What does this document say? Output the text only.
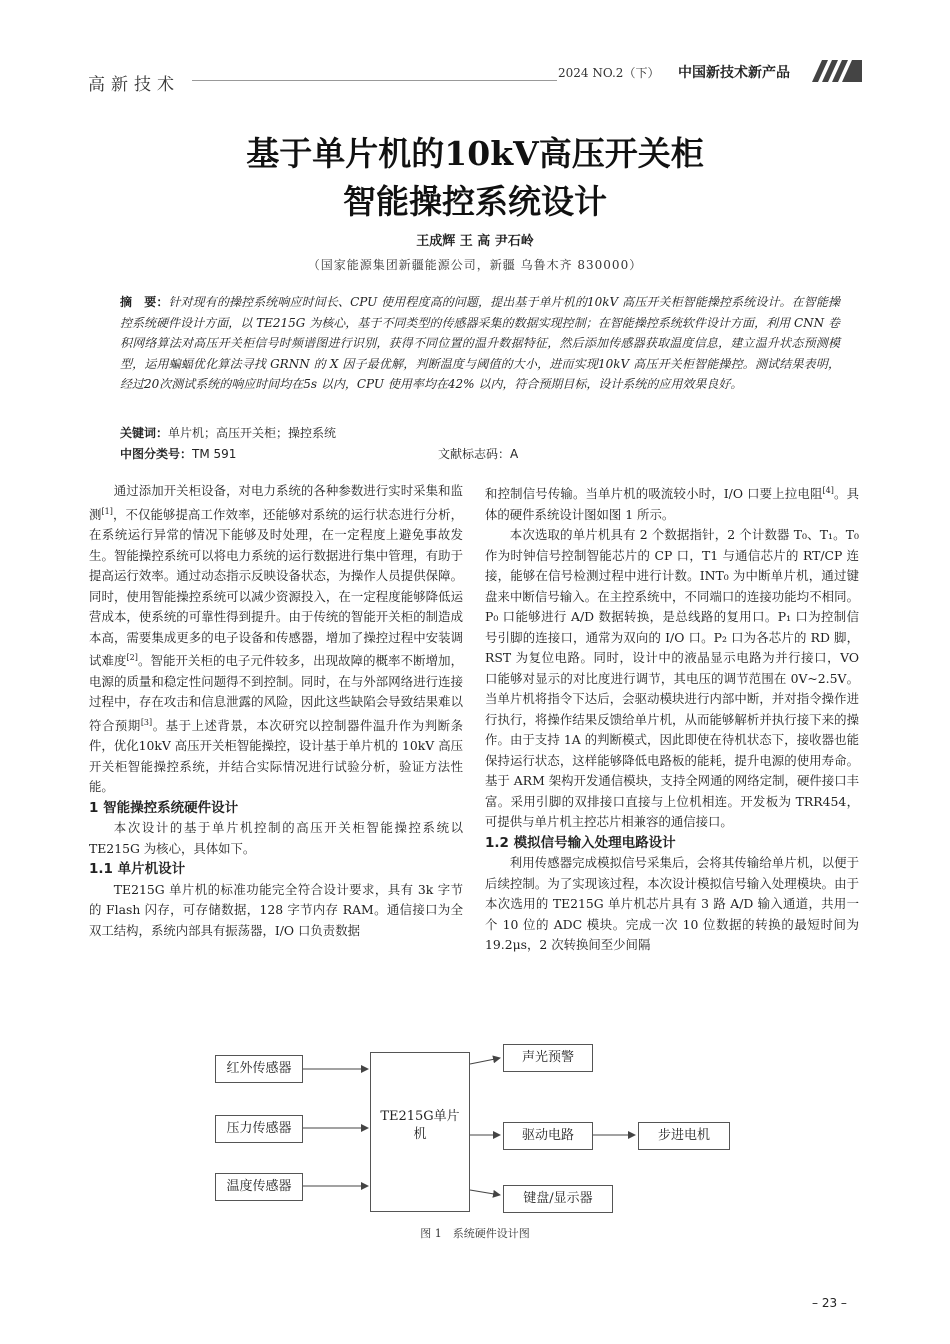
高新技术
2024 NO.2（下） 中国新技术新产品
基于单片机的10kV高压开关柜
智能操控系统设计
王成辉 王 高 尹石岭
（国家能源集团新疆能源公司，新疆 乌鲁木齐 830000）
摘　要：针对现有的操控系统响应时间长、CPU 使用程度高的问题，提出基于单片机的10kV 高压开关柜智能操控系统设计。在智能操控系统硬件设计方面，以 TE215G 为核心，基于不同类型的传感器采集的数据实现控制；在智能操控系统软件设计方面，利用 CNN 卷积网络算法对高压开关柜信号时频谱图进行识别，获得不同位置的温升数据特征，然后添加传感器获取温度信息，建立温升状态预测模型，运用蝙蝠优化算法寻找 GRNN 的 X 因子最优解，判断温度与阈值的大小，进而实现10kV 高压开关柜智能操控。测试结果表明，经过20次测试系统的响应时间均在5s 以内，CPU 使用率均在42% 以内，符合预期目标，设计系统的应用效果良好。
关键词：单片机；高压开关柜；操控系统
中图分类号：TM 591	文献标志码：A

通过添加开关柜设备，对电力系统的各种参数进行实时采集和监测[1]，不仅能够提高工作效率，还能够对系统的运行状态进行分析，在系统运行异常的情况下能够及时处理，在一定程度上避免事故发生。智能操控系统可以将电力系统的运行数据进行集中管理，有助于提高运行效率。通过动态指示反映设备状态，为操作人员提供保障。同时，使用智能操控系统可以减少资源投入，在一定程度能够降低运营成本，使系统的可靠性得到提升。由于传统的智能开关柜的制造成本高，需要集成更多的电子设备和传感器，增加了操控过程中安装调试难度[2]。智能开关柜的电子元件较多，出现故障的概率不断增加，电源的质量和稳定性问题得不到控制。同时，在与外部网络进行连接过程中，存在攻击和信息泄露的风险，因此这些缺陷会导致结果难以符合预期[3]。基于上述背景，本次研究以控制器件温升作为判断条件，优化10kV 高压开关柜智能操控，设计基于单片机的 10kV 高压开关柜智能操控系统，并结合实际情况进行试验分析，验证方法性能。

1 智能操控系统硬件设计

本次设计的基于单片机控制的高压开关柜智能操控系统以 TE215G 为核心，具体如下。

1.1 单片机设计

TE215G 单片机的标准功能完全符合设计要求，具有 3k 字节的 Flash 闪存，可存储数据，128 字节内存 RAM。通信接口为全双工结构，系统内部具有振荡器，I/O 口负责数据

和控制信号传输。当单片机的吸流较小时，I/O 口要上拉电阻[4]。具体的硬件系统设计图如图 1 所示。

本次选取的单片机具有 2 个数据指针，2 个计数器 T₀、T₁。T₀ 作为时钟信号控制智能芯片的 CP 口，T1 与通信芯片的 RT/CP 连接，能够在信号检测过程中进行计数。INT₀ 为中断单片机，通过键盘来中断信号输入。在主控系统中，不同端口的连接功能均不相同。P₀ 口能够进行 A/D 数据转换，是总线路的复用口。P₁ 口为控制信号引脚的连接口，通常为双向的 I/O 口。P₂ 口为各芯片的 RD 脚，RST 为复位电路。同时，设计中的液晶显示电路为并行接口，VO 口能够对显示的对比度进行调节，其电压的调节范围在 0V~2.5V。当单片机将指令下达后，会驱动模块进行内部中断，并对指令操作进行执行，将操作结果反馈给单片机，从而能够解析并执行接下来的操作。由于支持 1A 的判断模式，因此即使在待机状态下，接收器也能保持运行状态，这样能够降低电路板的能耗，提升电源的使用寿命。基于 ARM 架构开发通信模块，支持全网通的网络定制，硬件接口丰富。采用引脚的双排接口直接与上位机相连。开发板为 TRR454，可提供与单片机主控芯片相兼容的通信接口。

1.2 模拟信号输入处理电路设计

利用传感器完成模拟信号采集后，会将其传输给单片机，以便于后续控制。为了实现该过程，本次设计模拟信号输入处理模块。由于本次选用的 TE215G 单片机芯片具有 3 路 A/D 输入通道，共用一个 10 位的 ADC 模块。完成一次 10 位数据的转换的最短时间为 19.2μs，2 次转换间至少间隔

红外传感器
压力传感器
温度传感器
TE215G单片
机
声光预警
驱动电路	步进电机
键盘/显示器
图 1　系统硬件设计图
– 23 –
